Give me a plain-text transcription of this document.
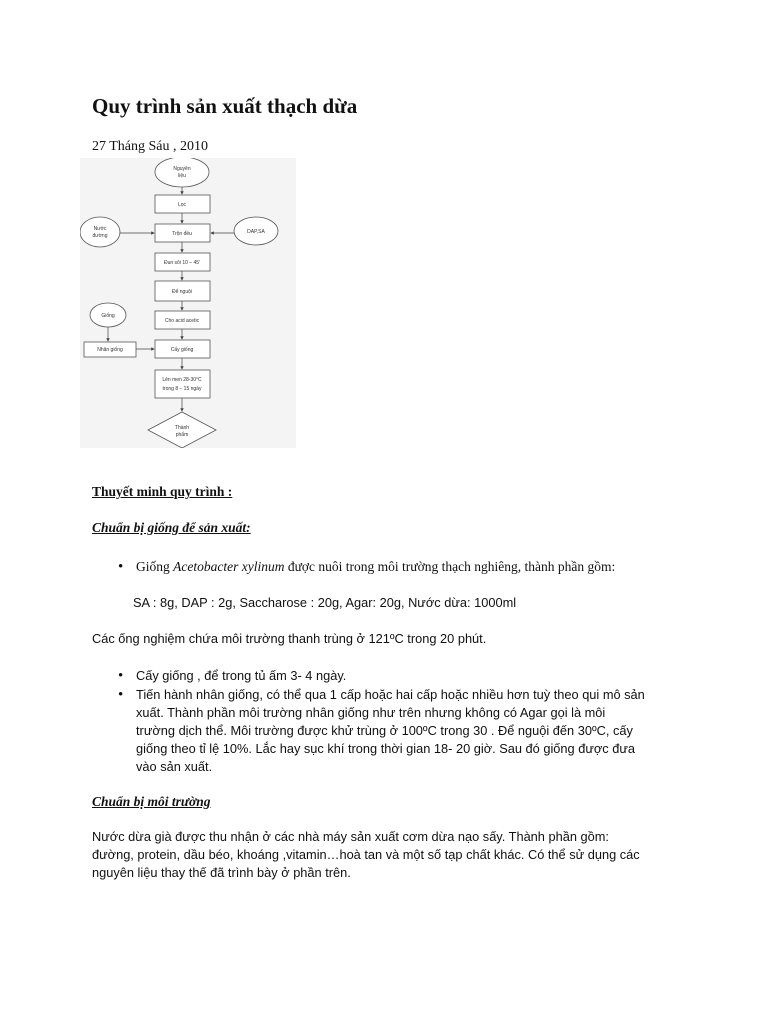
Quy trình sản xuất thạch dừa
27 Tháng Sáu , 2010
Nguyên
liệu
Lọc
Trộn đều
Đun sôi 10 – 45'
Để nguội
Cho acid acetic
Cấy giống
Lên men 28-30°C
trong 8 – 15 ngày
Thành
phẩm
Nước
đường
DAP,SA
Giống
Nhân giống
Thuyết minh quy trình :
Chuẩn bị giống để sản xuất:
• Giống Acetobacter xylinum được nuôi trong môi trường thạch nghiêng, thành phần gồm:
SA : 8g, DAP : 2g, Saccharose : 20g, Agar: 20g, Nước dừa: 1000ml
Các ống nghiệm chứa môi trường thanh trùng ở 121ºC trong 20 phút.
• Cấy giống , để trong tủ ấm 3- 4 ngày.
• Tiến hành nhân giống, có thể qua 1 cấp hoặc hai cấp hoặc nhiều hơn tuỳ theo qui mô sản
xuất. Thành phần môi trường nhân giống như trên nhưng không có Agar gọi là môi
trường dịch thể. Môi trường được khử trùng ở 100ºC trong 30 . Để nguội đến 30ºC, cấy
giống theo tỉ lệ 10%. Lắc hay sục khí trong thời gian 18- 20 giờ. Sau đó giống được đưa
vào sản xuất.
Chuẩn bị môi trường
Nước dừa già được thu nhận ở các nhà máy sản xuất cơm dừa nạo sấy. Thành phần gồm:
đường, protein, dầu béo, khoáng ,vitamin…hoà tan và một số tạp chất khác. Có thể sử dụng các
nguyên liệu thay thế đã trình bày ở phần trên.
